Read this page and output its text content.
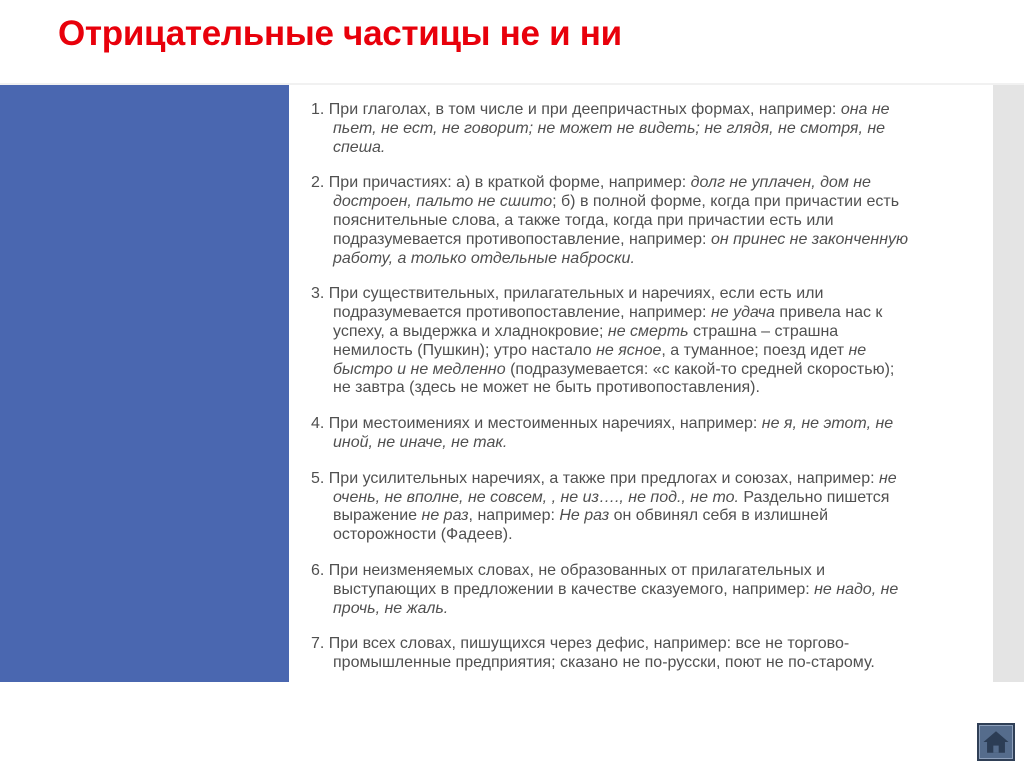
Отрицательные частицы не и ни

1. При глаголах, в том числе и при деепричастных формах, например: она не пьет, не ест, не говорит; не может не видеть; не глядя, не смотря, не спеша.

2. При причастиях: а) в краткой форме, например: долг не уплачен, дом не достроен, пальто не сшито; б) в полной форме, когда при причастии есть пояснительные слова, а также тогда, когда при причастии есть или подразумевается противопоставление, например: он принес не законченную работу, а только отдельные наброски.

3. При существительных, прилагательных и наречиях, если есть или подразумевается противопоставление, например: не удача привела нас к успеху, а выдержка и хладнокровие; не смерть страшна – страшна немилость (Пушкин); утро настало не ясное, а туманное; поезд идет не быстро и не медленно (подразумевается: «с какой-то средней скоростью); не завтра (здесь не может не быть противопоставления).

4. При местоимениях и местоименных наречиях, например: не я, не этот, не иной, не иначе, не так.

5. При усилительных наречиях, а также при предлогах и союзах, например: не очень, не вполне, не совсем, , не из…., не под., не то. Раздельно пишется выражение не раз, например: Не раз он обвинял себя в излишней осторожности (Фадеев).

6. При неизменяемых словах, не образованных от прилагательных и выступающих в предложении в качестве сказуемого, например: не надо, не прочь, не жаль.

7. При всех словах, пишущихся через дефис, например: все не торгово-промышленные предприятия; сказано не по-русски, поют не по-старому.
